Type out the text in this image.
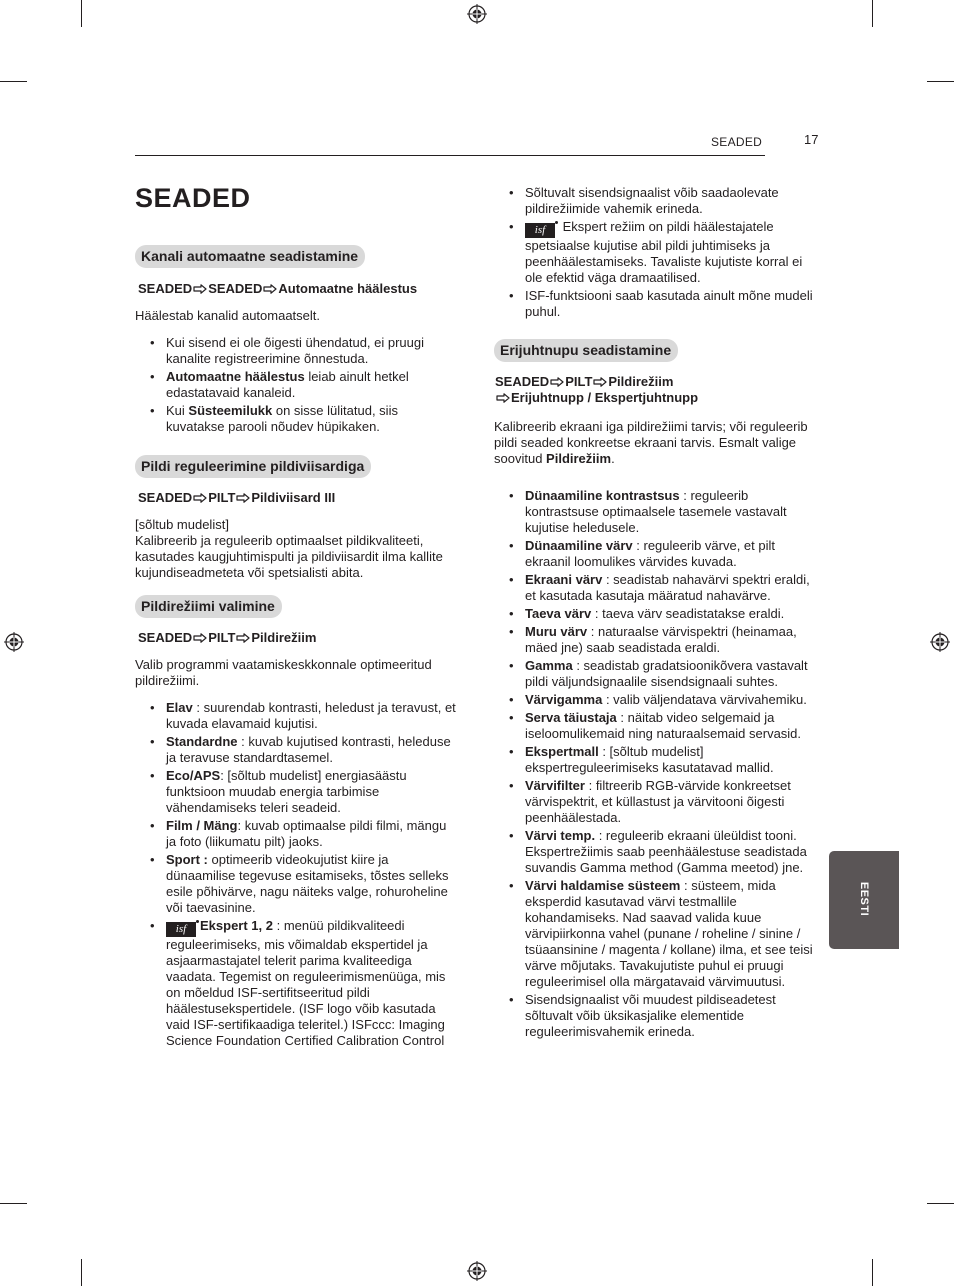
SEADED	17
SEADED
Kanali automaatne seadistamine

SEADED SEADED Automaatne häälestus

Häälestab kanalid automaatselt.

• Kui sisend ei ole õigesti ühendatud, ei pruugi kanalite registreerimine õnnestuda.
• Automaatne häälestus leiab ainult hetkel edastatavaid kanaleid.
• Kui Süsteemilukk on sisse lülitatud, siis kuvatakse parooli nõudev hüpikaken.
Pildi reguleerimine pildiviisardiga

SEADED PILT Pildiviisard III

[sõltub mudelist]

Kalibreerib ja reguleerib optimaalset pildikvaliteeti, kasutades kaugjuhtimispulti ja pildiviisardit ilma kallite kujundiseadmeteta või spetsialisti abita.

Pildirežiimi valimine

SEADED PILT Pildirežiim

Valib programmi vaatamiskeskkonnale optimeeritud pildirežiimi.

• Elav : suurendab kontrasti, heledust ja teravust, et kuvada elavamaid kujutisi.
• Standardne : kuvab kujutised kontrasti, heleduse ja teravuse standardtasemel.
• Eco/APS: [sõltub mudelist] energiasäästu funktsioon muudab energia tarbimise vähendamiseks teleri seadeid.
• Film / Mäng: kuvab optimaalse pildi filmi, mängu ja foto (liikumatu pilt) jaoks.
• Sport : optimeerib videokujutist kiire ja dünaamilise tegevuse esitamiseks, tõstes selleks esile põhivärve, nagu näiteks valge, rohuroheline või taevasinine.
• isf Ekspert 1, 2 : menüü pildikvaliteedi reguleerimiseks, mis võimaldab ekspertidel ja asjaarmastajatel telerit parima kvaliteediga vaadata. Tegemist on reguleerimismenüüga, mis on mõeldud ISF-sertifitseeritud pildi häälestusekspertidele. (ISF logo võib kasutada vaid ISF-sertifikaadiga teleritel.) ISFccc: Imaging Science Foundation Certified Calibration Control
• Sõltuvalt sisendsignaalist võib saadaolevate pildirežiimide vahemik erineda.
• isf Ekspert režiim on pildi häälestajatele spetsiaalse kujutise abil pildi juhtimiseks ja peenhäälestamiseks. Tavaliste kujutiste korral ei ole efektid väga dramaatilised.
• ISF-funktsiooni saab kasutada ainult mõne mudeli puhul.
Erijuhtnupu seadistamine

SEADED PILT Pildirežiim
Erijuhtnupp / Ekspertjuhtnupp

Kalibreerib ekraani iga pildirežiimi tarvis; või reguleerib pildi seaded konkreetse ekraani tarvis. Esmalt valige soovitud Pildirežiim.

• Dünaamiline kontrastsus : reguleerib kontrastsuse optimaalsele tasemele vastavalt kujutise heledusele.
• Dünaamiline värv : reguleerib värve, et pilt ekraanil loomulikes värvides kuvada.
• Ekraani värv : seadistab nahavärvi spektri eraldi, et kasutada kasutaja määratud nahavärve.
• Taeva värv : taeva värv seadistatakse eraldi.
• Muru värv : naturaalse värvispektri (heinamaa, mäed jne) saab seadistada eraldi.
• Gamma : seadistab gradatsioonikõvera vastavalt pildi väljundsignaalile sisendsignaali suhtes.
• Värvigamma : valib väljendatava värvivahemiku.
• Serva täiustaja : näitab video selgemaid ja iseloomulikemaid ning naturaalsemaid servasid.
• Ekspertmall : [sõltub mudelist] ekspertreguleerimiseks kasutatavad mallid.
• Värvifilter : filtreerib RGB-värvide konkreetset värvispektrit, et küllastust ja värvitooni õigesti peenhäälestada.
• Värvi temp. : reguleerib ekraani üleüldist tooni. Ekspertrežiimis saab peenhäälestuse seadistada suvandis Gamma method (Gamma meetod) jne.
• Värvi haldamise süsteem : süsteem, mida eksperdid kasutavad värvi testmallile kohandamiseks. Nad saavad valida kuue värvipiirkonna vahel (punane / roheline / sinine / tsüaansinine / magenta / kollane) ilma, et see teisi värve mõjutaks. Tavakujutiste puhul ei pruugi reguleerimisel olla märgatavaid värvimuutusi.
• Sisendsignaalist või muudest pildiseadetest sõltuvalt võib üksikasjalike elementide reguleerimisvahemik erineda.
EESTI
